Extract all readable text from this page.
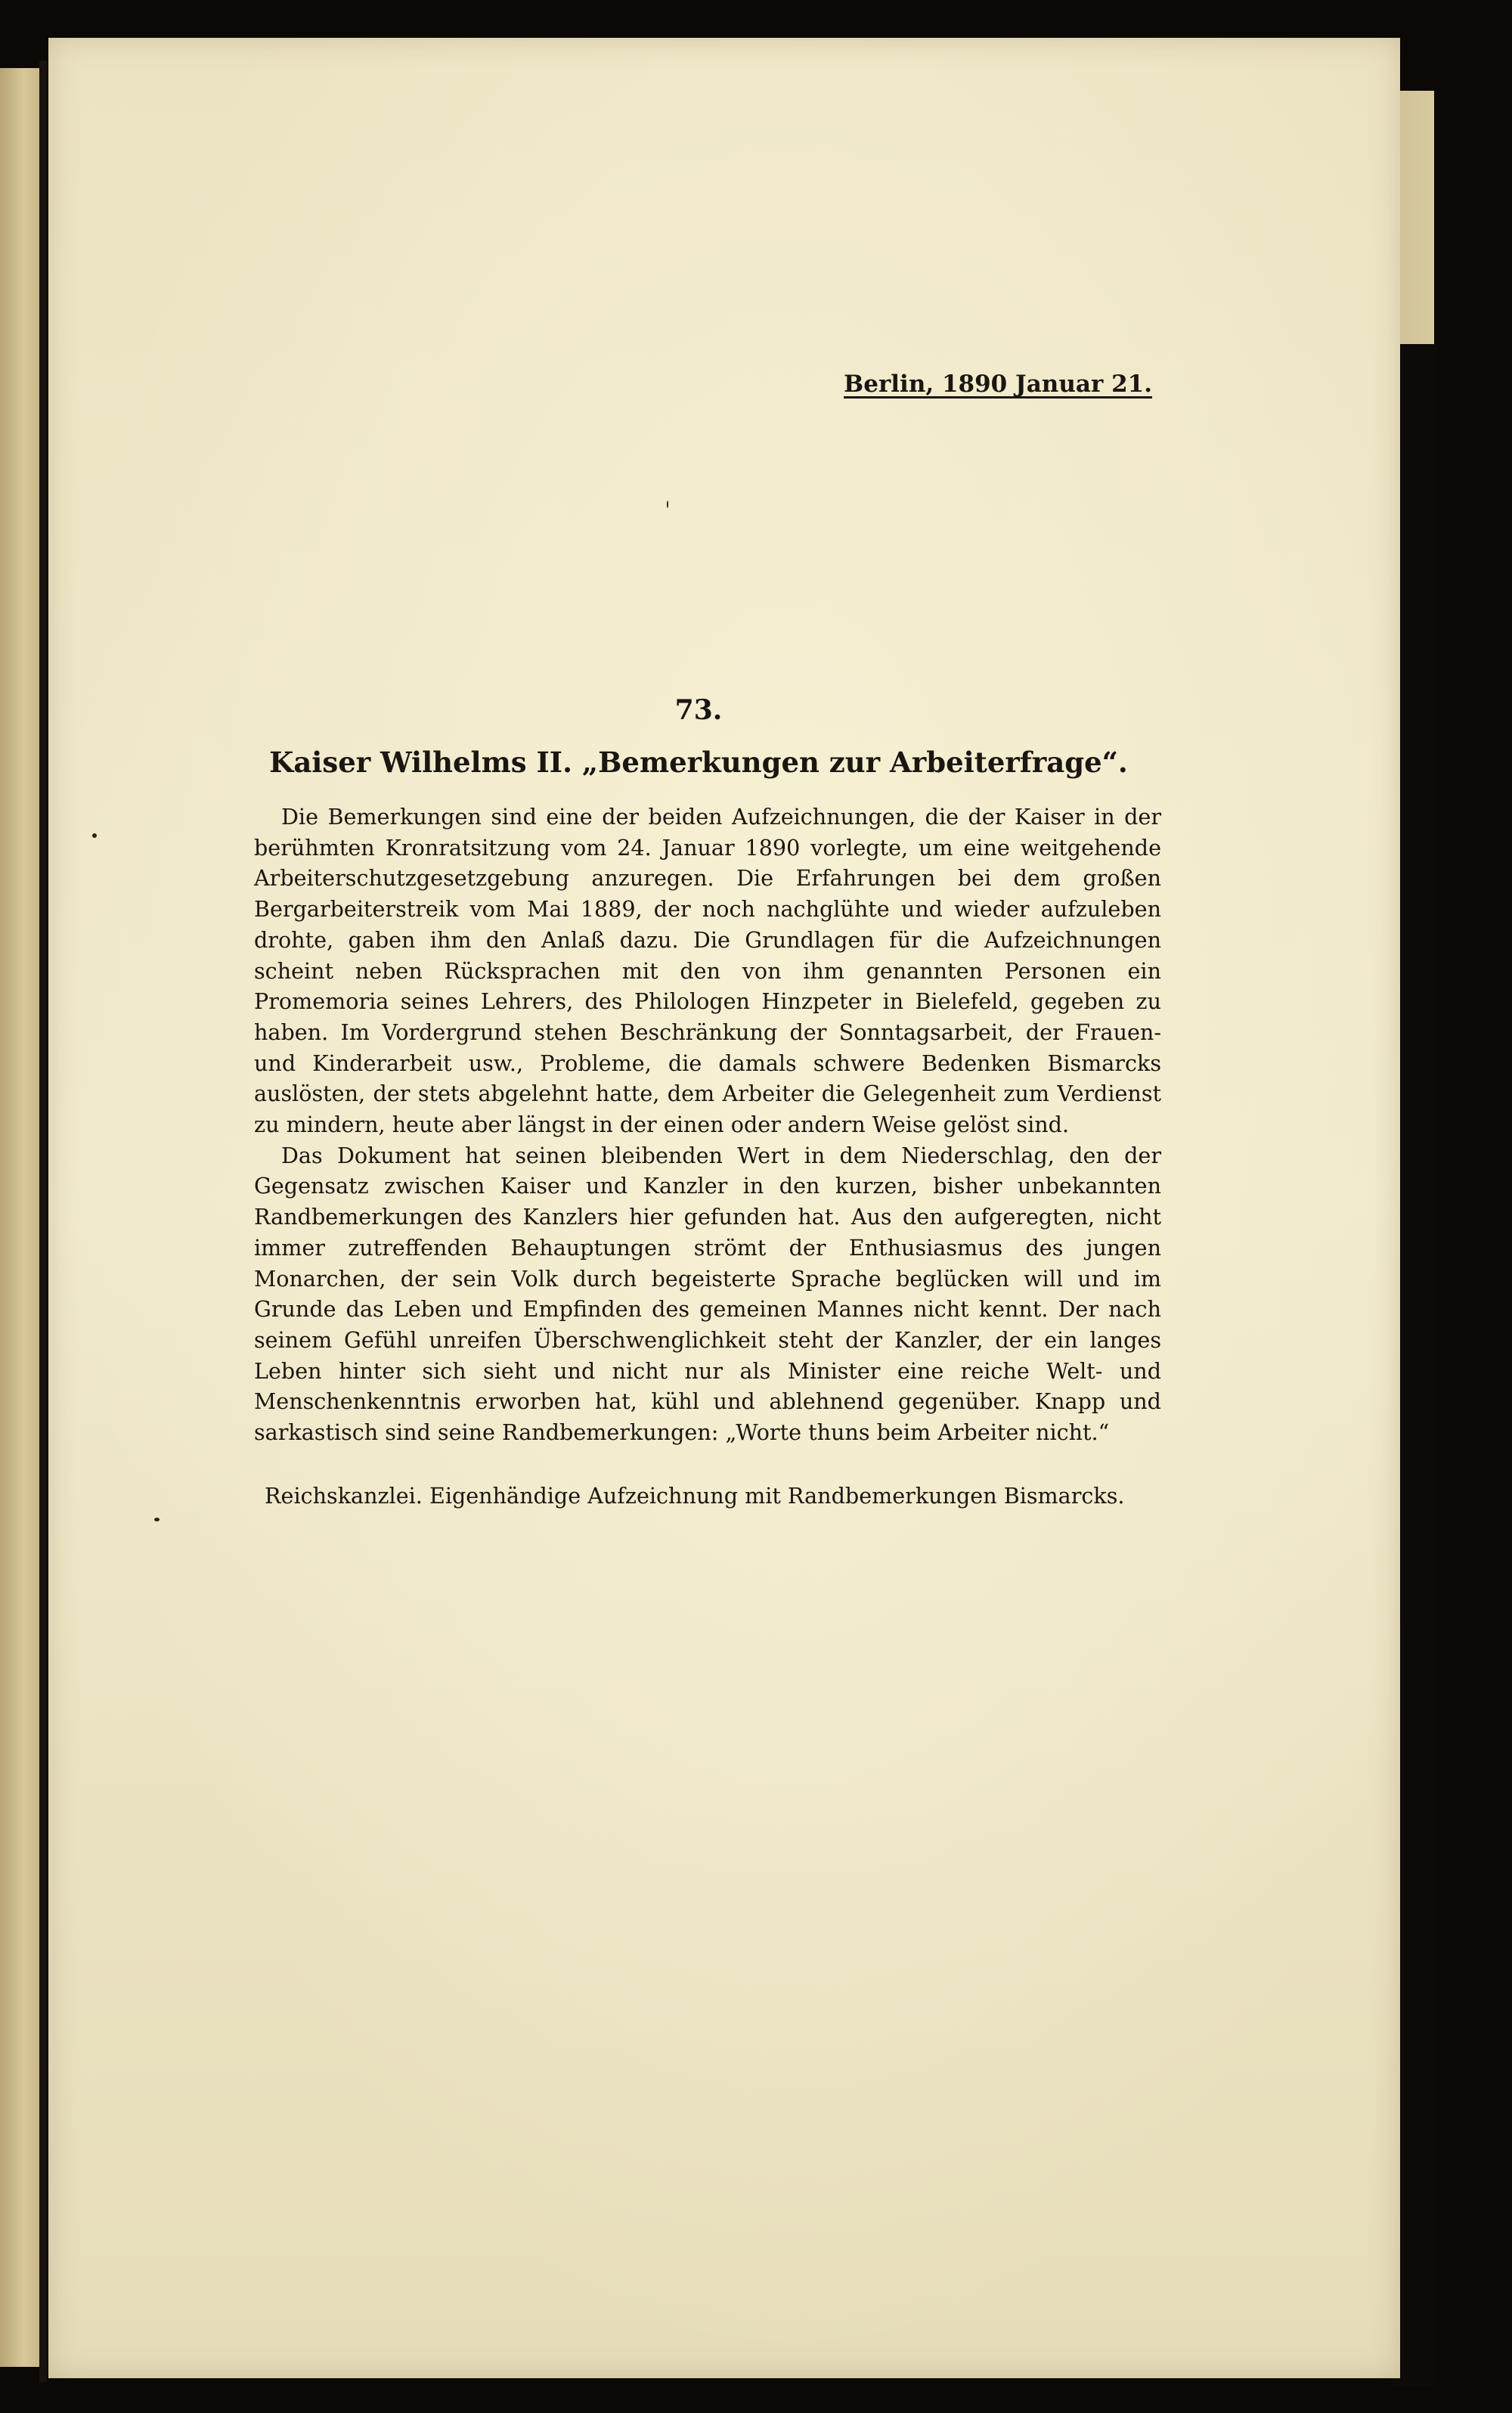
Berlin, 1890 Januar 21.
73.
Kaiser Wilhelms II. „Bemerkungen zur Arbeiterfrage“.

Die Bemerkungen sind eine der beiden Aufzeichnungen, die der Kaiser in der berühmten Kronratsitzung vom 24. Januar 1890 vorlegte, um eine weitgehende Arbeiterschutzgesetzgebung anzuregen. Die Erfahrungen bei dem großen Bergarbeiterstreik vom Mai 1889, der noch nachglühte und wieder aufzuleben drohte, gaben ihm den Anlaß dazu. Die Grundlagen für die Aufzeichnungen scheint neben Rücksprachen mit den von ihm genannten Personen ein Promemoria seines Lehrers, des Philologen Hinzpeter in Bielefeld, gegeben zu haben. Im Vordergrund stehen Beschränkung der Sonntagsarbeit, der Frauen- und Kinderarbeit usw., Probleme, die damals schwere Bedenken Bismarcks auslösten, der stets abgelehnt hatte, dem Arbeiter die Gelegenheit zum Verdienst zu mindern, heute aber längst in der einen oder andern Weise gelöst sind.

Das Dokument hat seinen bleibenden Wert in dem Niederschlag, den der Gegensatz zwischen Kaiser und Kanzler in den kurzen, bisher unbekannten Randbemerkungen des Kanzlers hier gefunden hat. Aus den aufgeregten, nicht immer zutreffenden Behauptungen strömt der Enthusiasmus des jungen Monarchen, der sein Volk durch begeisterte Sprache beglücken will und im Grunde das Leben und Empfinden des gemeinen Mannes nicht kennt. Der nach seinem Gefühl unreifen Überschwenglichkeit steht der Kanzler, der ein langes Leben hinter sich sieht und nicht nur als Minister eine reiche Welt- und Menschenkenntnis erworben hat, kühl und ablehnend gegenüber. Knapp und sarkastisch sind seine Randbemerkungen: „Worte thuns beim Arbeiter nicht.“

Reichskanzlei. Eigenhändige Aufzeichnung mit Randbemerkungen Bismarcks.
